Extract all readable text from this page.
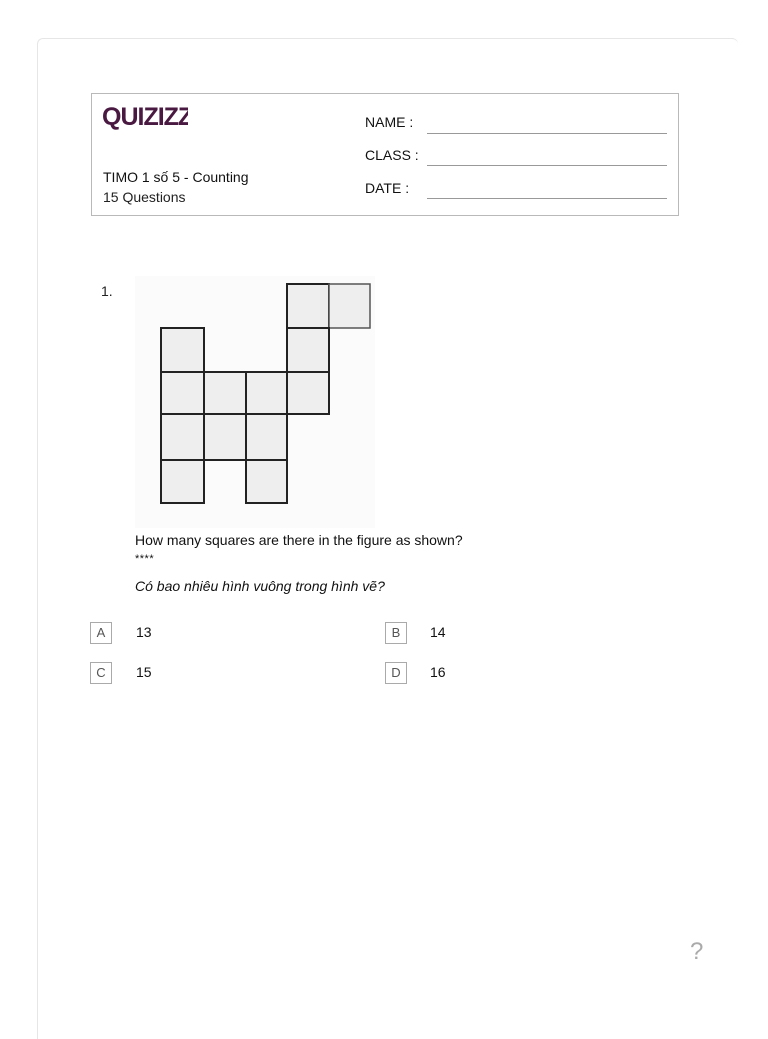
QUIZIZZ
TIMO 1 số 5 - Counting
15 Questions
NAME :
CLASS :
DATE :
1.
How many squares are there in the figure as shown?
****
Có bao nhiêu hình vuông trong hình vẽ?
A	13	B	14
C	15	D	16
?
